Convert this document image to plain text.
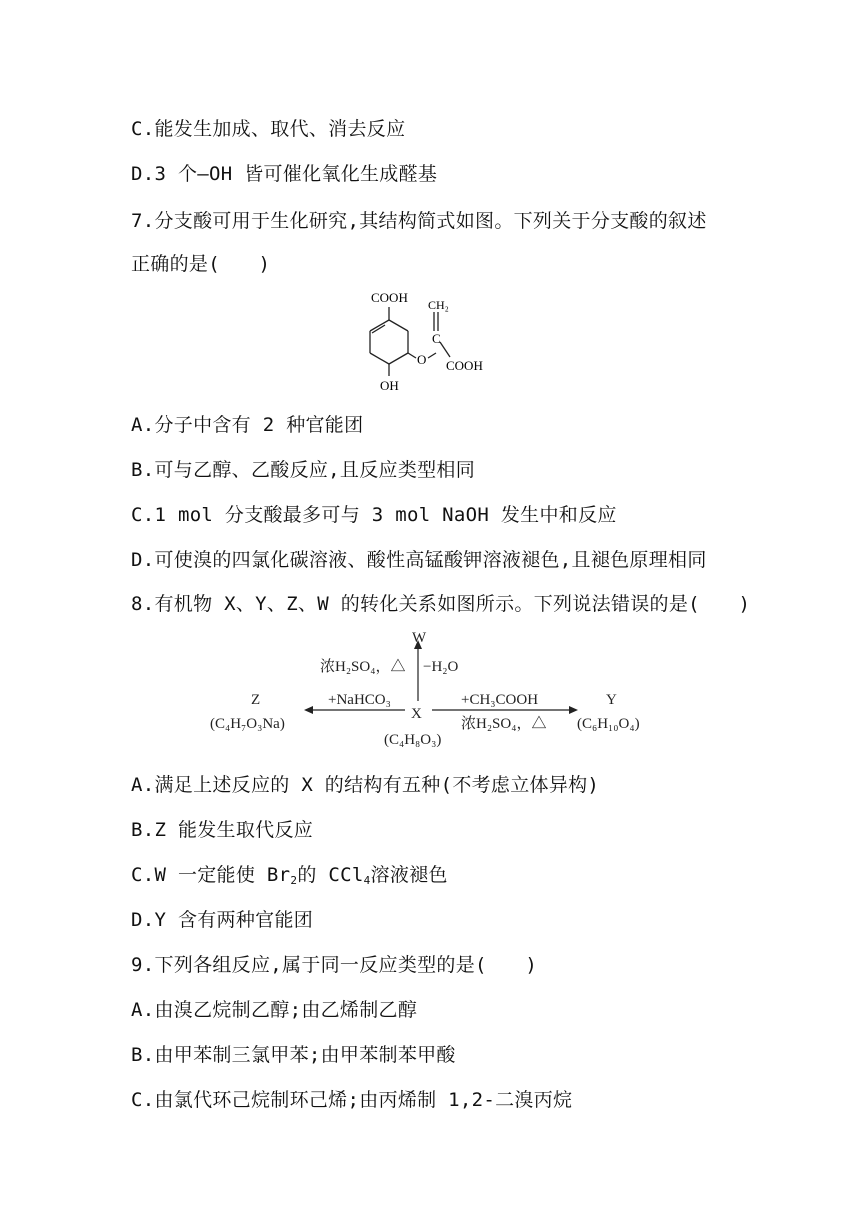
C.能发生加成、取代、消去反应
D.3 个—OH 皆可催化氧化生成醛基
7.分支酸可用于生化研究,其结构简式如图。下列关于分支酸的叙述
正确的是(　　)
COOH CH₂
C
O COOH
OH
A.分子中含有 2 种官能团
B.可与乙醇、乙酸反应,且反应类型相同
C.1 mol 分支酸最多可与 3 mol NaOH 发生中和反应
D.可使溴的四氯化碳溶液、酸性高锰酸钾溶液褪色,且褪色原理相同
8.有机物 X、Y、Z、W 的转化关系如图所示。下列说法错误的是(　　)
W
浓H₂SO₄，△ −H₂O
Z	+NaHCO₃	+CH₃COOH	Y
(C₄H₇O₃Na)
X
浓H₂SO₄，△ (C₆H₁₀O₄)
(C₄H₈O₃)
A.满足上述反应的 X 的结构有五种(不考虑立体异构)
B.Z 能发生取代反应
C.W 一定能使 $Br_2$的 CCl$_4$溶液褪色
D.Y 含有两种官能团
9.下列各组反应,属于同一反应类型的是(　　)
A.由溴乙烷制乙醇;由乙烯制乙醇
B.由甲苯制三氯甲苯;由甲苯制苯甲酸
C.由氯代环己烷制环己烯;由丙烯制 1,2-二溴丙烷
